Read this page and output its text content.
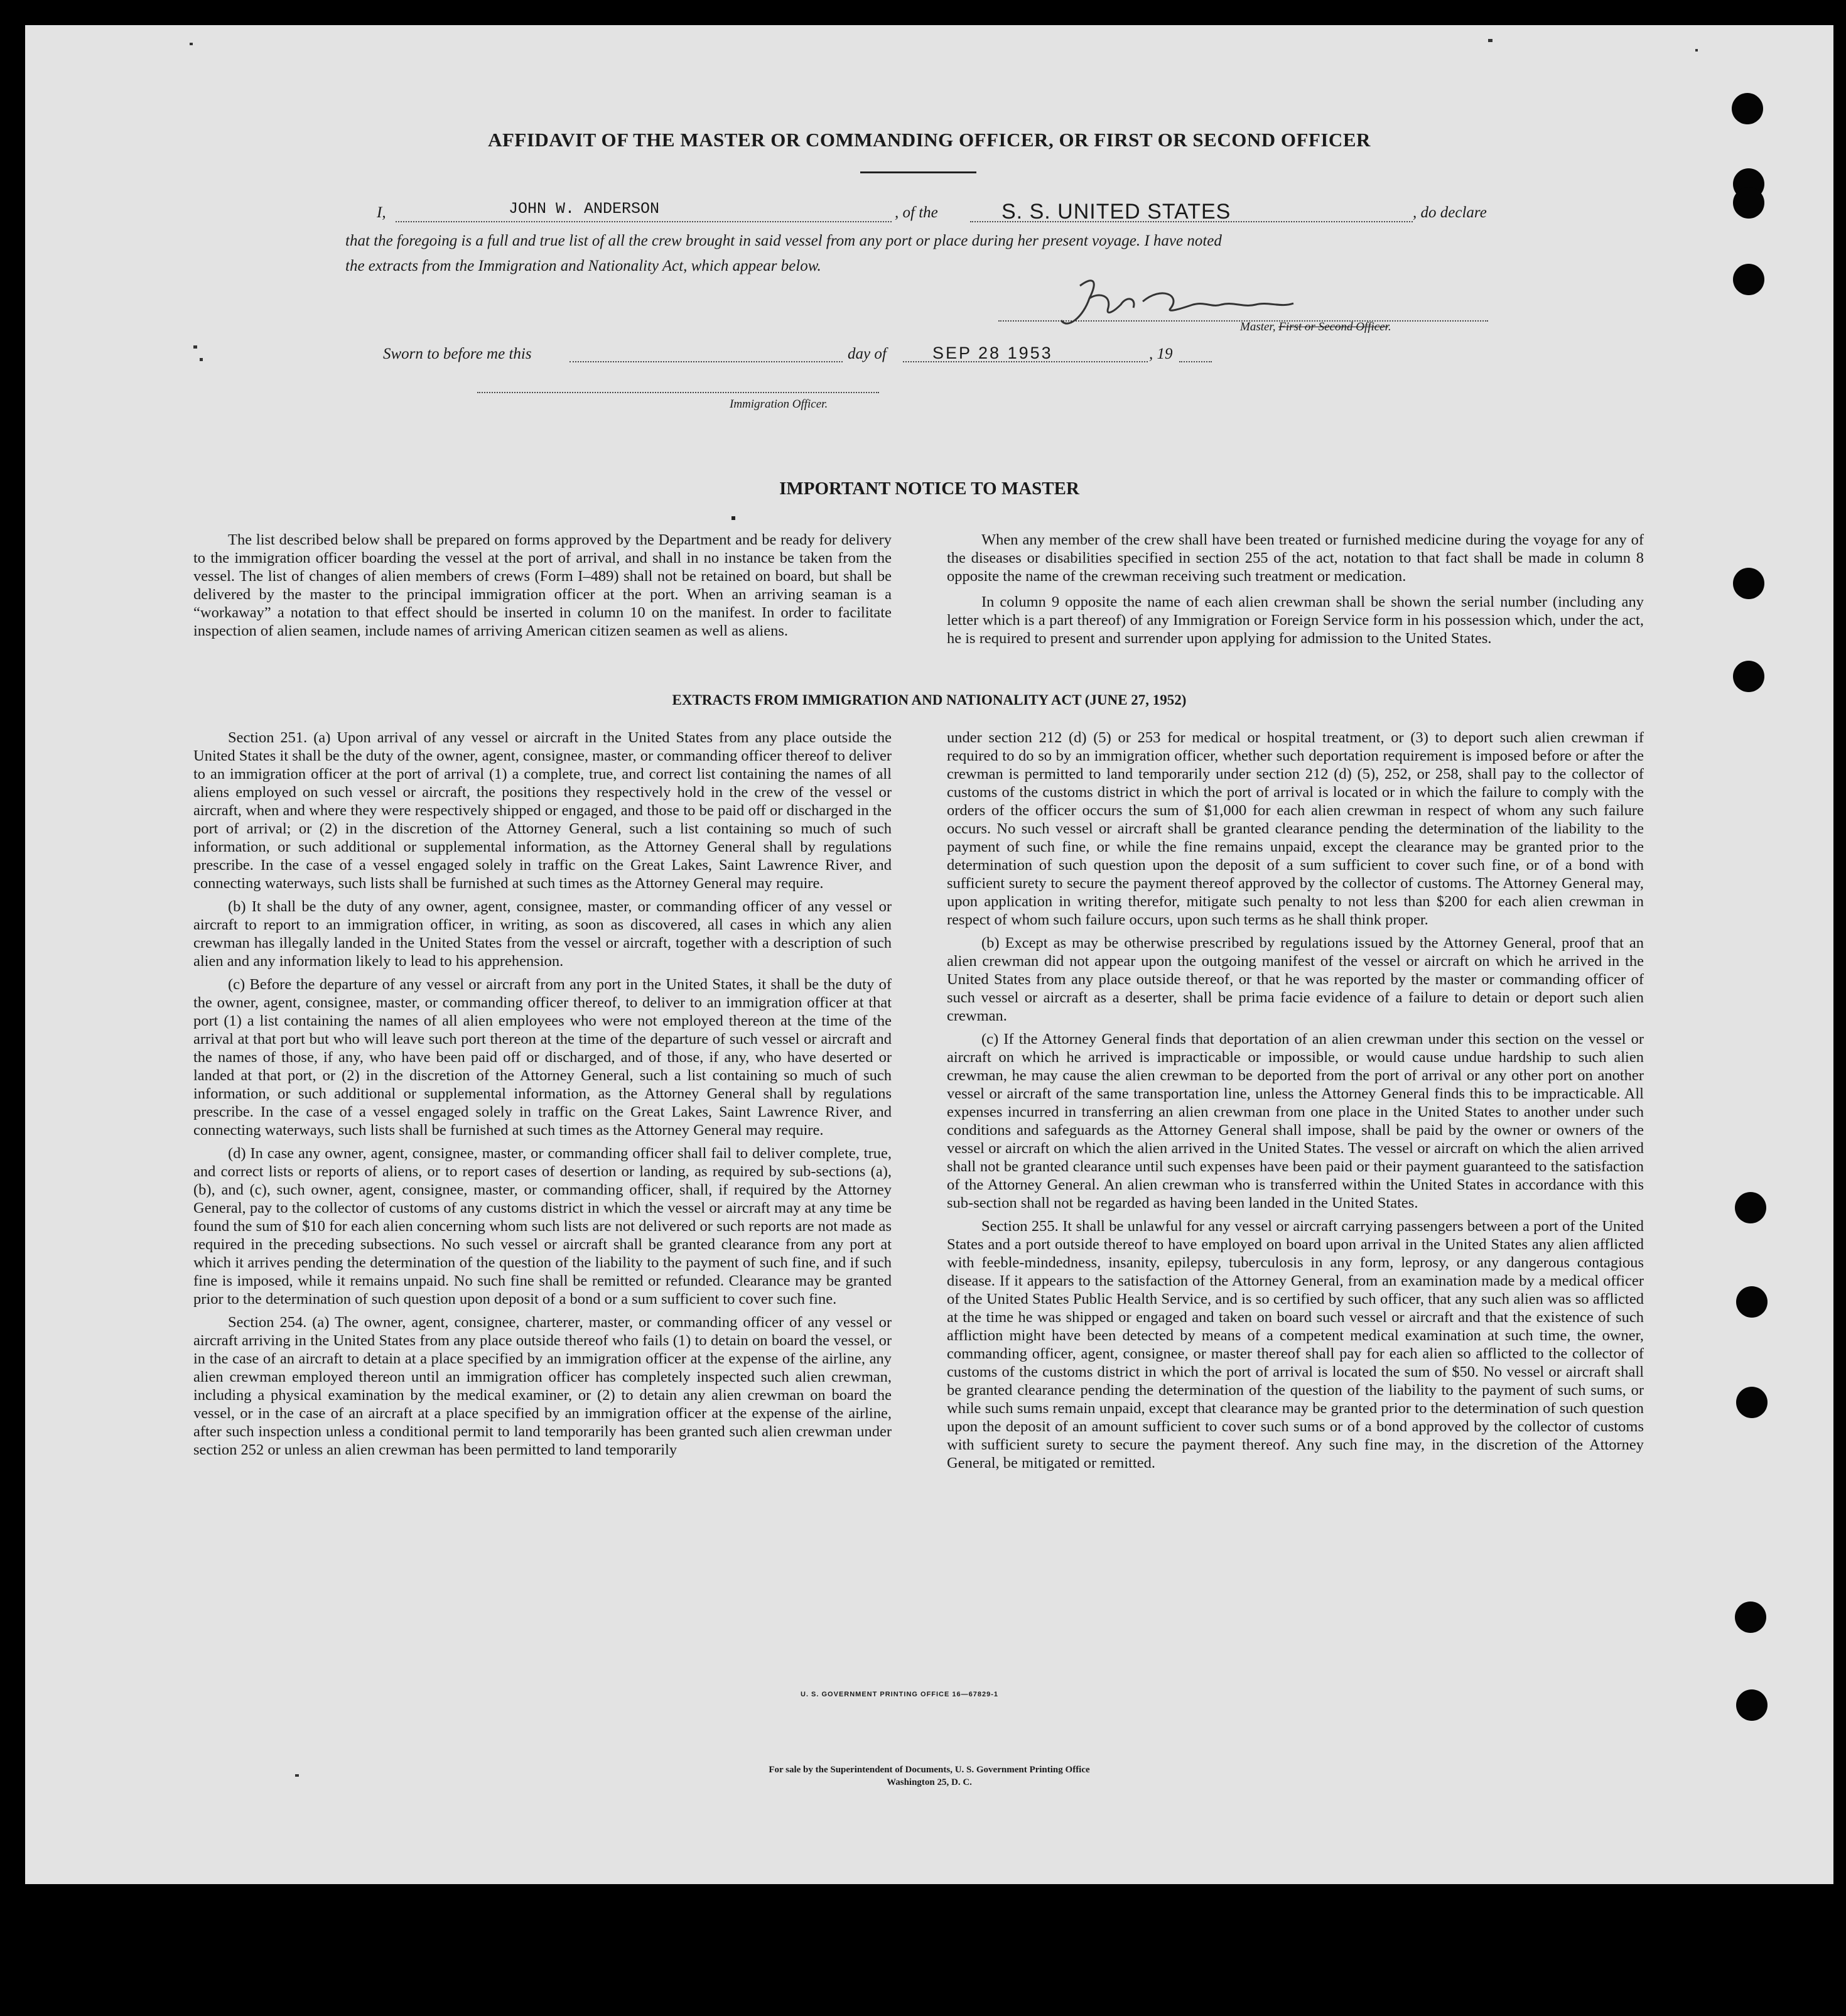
AFFIDAVIT OF THE MASTER OR COMMANDING OFFICER, OR FIRST OR SECOND OFFICER
I,	JOHN W. ANDERSON	, of the	S. S. UNITED STATES	, do declare
that the foregoing is a full and true list of all the crew brought in said vessel from any port or place during her present voyage. I have noted
the extracts from the Immigration and Nationality Act, which appear below.
Master, First or Second Officer.
Sworn to before me this	day of	SEP 28 1953	, 19
Immigration Officer.
IMPORTANT NOTICE TO MASTER

The list described below shall be prepared on forms approved by the Department and be ready for delivery to the immigration officer boarding the vessel at the port of arrival, and shall in no instance be taken from the vessel. The list of changes of alien members of crews (Form I–489) shall not be retained on board, but shall be delivered by the master to the principal immigration officer at the port. When an arriving seaman is a “workaway” a notation to that effect should be inserted in column 10 on the manifest. In order to facilitate inspection of alien seamen, include names of arriving American citizen seamen as well as aliens.

When any member of the crew shall have been treated or furnished medicine during the voyage for any of the diseases or disabilities specified in section 255 of the act, notation to that fact shall be made in column 8 opposite the name of the crewman receiving such treatment or medication.

In column 9 opposite the name of each alien crewman shall be shown the serial number (including any letter which is a part thereof) of any Immigration or Foreign Service form in his possession which, under the act, he is required to present and surrender upon applying for admission to the United States.

EXTRACTS FROM IMMIGRATION AND NATIONALITY ACT (JUNE 27, 1952)

Section 251. (a) Upon arrival of any vessel or aircraft in the United States from any place outside the United States it shall be the duty of the owner, agent, consignee, master, or commanding officer thereof to deliver to an immigration officer at the port of arrival (1) a complete, true, and correct list containing the names of all aliens employed on such vessel or aircraft, the positions they respectively hold in the crew of the vessel or aircraft, when and where they were respectively shipped or engaged, and those to be paid off or discharged in the port of arrival; or (2) in the discretion of the Attorney General, such a list containing so much of such information, or such additional or supplemental information, as the Attorney General shall by regulations prescribe. In the case of a vessel engaged solely in traffic on the Great Lakes, Saint Lawrence River, and connecting waterways, such lists shall be furnished at such times as the Attorney General may require.

(b) It shall be the duty of any owner, agent, consignee, master, or commanding officer of any vessel or aircraft to report to an immigration officer, in writing, as soon as discovered, all cases in which any alien crewman has illegally landed in the United States from the vessel or aircraft, together with a description of such alien and any information likely to lead to his apprehension.

(c) Before the departure of any vessel or aircraft from any port in the United States, it shall be the duty of the owner, agent, consignee, master, or commanding officer thereof, to deliver to an immigration officer at that port (1) a list containing the names of all alien employees who were not employed thereon at the time of the arrival at that port but who will leave such port thereon at the time of the departure of such vessel or aircraft and the names of those, if any, who have been paid off or discharged, and of those, if any, who have deserted or landed at that port, or (2) in the discretion of the Attorney General, such a list containing so much of such information, or such additional or supplemental information, as the Attorney General shall by regulations prescribe. In the case of a vessel engaged solely in traffic on the Great Lakes, Saint Lawrence River, and connecting waterways, such lists shall be furnished at such times as the Attorney General may require.

(d) In case any owner, agent, consignee, master, or commanding officer shall fail to deliver complete, true, and correct lists or reports of aliens, or to report cases of desertion or landing, as required by sub-sections (a), (b), and (c), such owner, agent, consignee, master, or commanding officer, shall, if required by the Attorney General, pay to the collector of customs of any customs district in which the vessel or aircraft may at any time be found the sum of $10 for each alien concerning whom such lists are not delivered or such reports are not made as required in the preceding subsections. No such vessel or aircraft shall be granted clearance from any port at which it arrives pending the determination of the question of the liability to the payment of such fine, and if such fine is imposed, while it remains unpaid. No such fine shall be remitted or refunded. Clearance may be granted prior to the determination of such question upon deposit of a bond or a sum sufficient to cover such fine.

Section 254. (a) The owner, agent, consignee, charterer, master, or commanding officer of any vessel or aircraft arriving in the United States from any place outside thereof who fails (1) to detain on board the vessel, or in the case of an aircraft to detain at a place specified by an immigration officer at the expense of the airline, any alien crewman employed thereon until an immigration officer has completely inspected such alien crewman, including a physical examination by the medical examiner, or (2) to detain any alien crewman on board the vessel, or in the case of an aircraft at a place specified by an immigration officer at the expense of the airline, after such inspection unless a conditional permit to land temporarily has been granted such alien crewman under section 252 or unless an alien crewman has been permitted to land temporarily

under section 212 (d) (5) or 253 for medical or hospital treatment, or (3) to deport such alien crewman if required to do so by an immigration officer, whether such deportation requirement is imposed before or after the crewman is permitted to land temporarily under section 212 (d) (5), 252, or 258, shall pay to the collector of customs of the customs district in which the port of arrival is located or in which the failure to comply with the orders of the officer occurs the sum of $1,000 for each alien crewman in respect of whom any such failure occurs. No such vessel or aircraft shall be granted clearance pending the determination of the liability to the payment of such fine, or while the fine remains unpaid, except the clearance may be granted prior to the determination of such question upon the deposit of a sum sufficient to cover such fine, or of a bond with sufficient surety to secure the payment thereof approved by the collector of customs. The Attorney General may, upon application in writing therefor, mitigate such penalty to not less than $200 for each alien crewman in respect of whom such failure occurs, upon such terms as he shall think proper.

(b) Except as may be otherwise prescribed by regulations issued by the Attorney General, proof that an alien crewman did not appear upon the outgoing manifest of the vessel or aircraft on which he arrived in the United States from any place outside thereof, or that he was reported by the master or commanding officer of such vessel or aircraft as a deserter, shall be prima facie evidence of a failure to detain or deport such alien crewman.

(c) If the Attorney General finds that deportation of an alien crewman under this section on the vessel or aircraft on which he arrived is impracticable or impossible, or would cause undue hardship to such alien crewman, he may cause the alien crewman to be deported from the port of arrival or any other port on another vessel or aircraft of the same transportation line, unless the Attorney General finds this to be impracticable. All expenses incurred in transferring an alien crewman from one place in the United States to another under such conditions and safeguards as the Attorney General shall impose, shall be paid by the owner or owners of the vessel or aircraft on which the alien arrived in the United States. The vessel or aircraft on which the alien arrived shall not be granted clearance until such expenses have been paid or their payment guaranteed to the satisfaction of the Attorney General. An alien crewman who is transferred within the United States in accordance with this sub-section shall not be regarded as having been landed in the United States.

Section 255. It shall be unlawful for any vessel or aircraft carrying passengers between a port of the United States and a port outside thereof to have employed on board upon arrival in the United States any alien afflicted with feeble-mindedness, insanity, epilepsy, tuberculosis in any form, leprosy, or any dangerous contagious disease. If it appears to the satisfaction of the Attorney General, from an examination made by a medical officer of the United States Public Health Service, and is so certified by such officer, that any such alien was so afflicted at the time he was shipped or engaged and taken on board such vessel or aircraft and that the existence of such affliction might have been detected by means of a competent medical examination at such time, the owner, commanding officer, agent, consignee, or master thereof shall pay for each alien so afflicted to the collector of customs of the customs district in which the port of arrival is located the sum of $50. No vessel or aircraft shall be granted clearance pending the determination of the question of the liability to the payment of such sums, or while such sums remain unpaid, except that clearance may be granted prior to the determination of such question upon the deposit of an amount sufficient to cover such sums or of a bond approved by the collector of customs with sufficient surety to secure the payment thereof. Any such fine may, in the discretion of the Attorney General, be mitigated or remitted.

U. S. GOVERNMENT PRINTING OFFICE 16—67829-1
For sale by the Superintendent of Documents, U. S. Government Printing Office
Washington 25, D. C.
